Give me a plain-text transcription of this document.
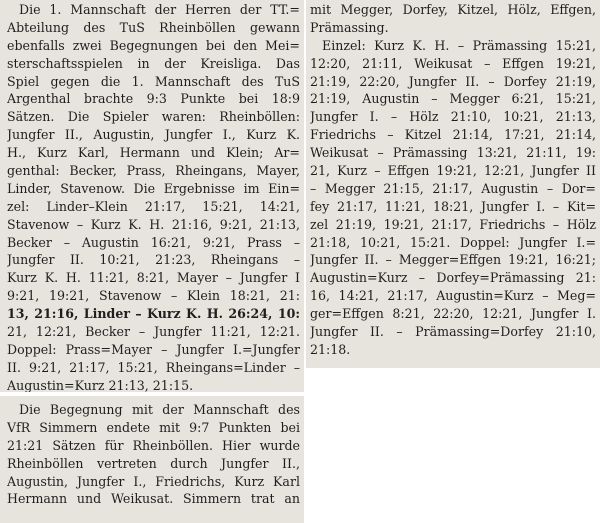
Die 1. Mannschaft der Herren der TT.=
Abteilung des TuS Rheinböllen gewann
ebenfalls zwei Begegnungen bei den Mei=
sterschaftsspielen in der Kreisliga. Das
Spiel gegen die 1. Mannschaft des TuS
Argenthal brachte 9:3 Punkte bei 18:9
Sätzen. Die Spieler waren: Rheinböllen:
Jungfer II., Augustin, Jungfer I., Kurz K.
H., Kurz Karl, Hermann und Klein; Ar=
genthal: Becker, Prass, Rheingans, Mayer,
Linder, Stavenow. Die Ergebnisse im Ein=
zel: Linder–Klein 21:17, 15:21, 14:21,
Stavenow – Kurz K. H. 21:16, 9:21, 21:13,
Becker – Augustin 16:21, 9:21, Prass –
Jungfer II. 10:21, 21:23, Rheingans –
Kurz K. H. 11:21, 8:21, Mayer – Jungfer I
9:21, 19:21, Stavenow – Klein 18:21, 21:
13, 21:16, Linder – Kurz K. H. 26:24, 10:
21, 12:21, Becker – Jungfer 11:21, 12:21.
Doppel: Prass=Mayer – Jungfer I.=Jungfer
II. 9:21, 21:17, 15:21, Rheingans=Linder –
Augustin=Kurz 21:13, 21:15.

Die Begegnung mit der Mannschaft des
VfR Simmern endete mit 9:7 Punkten bei
21:21 Sätzen für Rheinböllen. Hier wurde
Rheinböllen vertreten durch Jungfer II.,
Augustin, Jungfer I., Friedrichs, Kurz Karl
Hermann und Weikusat. Simmern trat an

mit Megger, Dorfey, Kitzel, Hölz, Effgen,
Prämassing.

Einzel: Kurz K. H. – Prämassing 15:21,
12:20, 21:11, Weikusat – Effgen 19:21,
21:19, 22:20, Jungfer II. – Dorfey 21:19,
21:19, Augustin – Megger 6:21, 15:21,
Jungfer I. – Hölz 21:10, 10:21, 21:13,
Friedrichs – Kitzel 21:14, 17:21, 21:14,
Weikusat – Prämassing 13:21, 21:11, 19:
21, Kurz – Effgen 19:21, 12:21, Jungfer II
– Megger 21:15, 21:17, Augustin – Dor=
fey 21:17, 11:21, 18:21, Jungfer I. – Kit=
zel 21:19, 19:21, 21:17, Friedrichs – Hölz
21:18, 10:21, 15:21. Doppel: Jungfer I.=
Jungfer II. – Megger=Effgen 19:21, 16:21;
Augustin=Kurz – Dorfey=Prämassing 21:
16, 14:21, 21:17, Augustin=Kurz – Meg=
ger=Effgen 8:21, 22:20, 12:21, Jungfer I.
Jungfer II. – Prämassing=Dorfey 21:10,
21:18.
